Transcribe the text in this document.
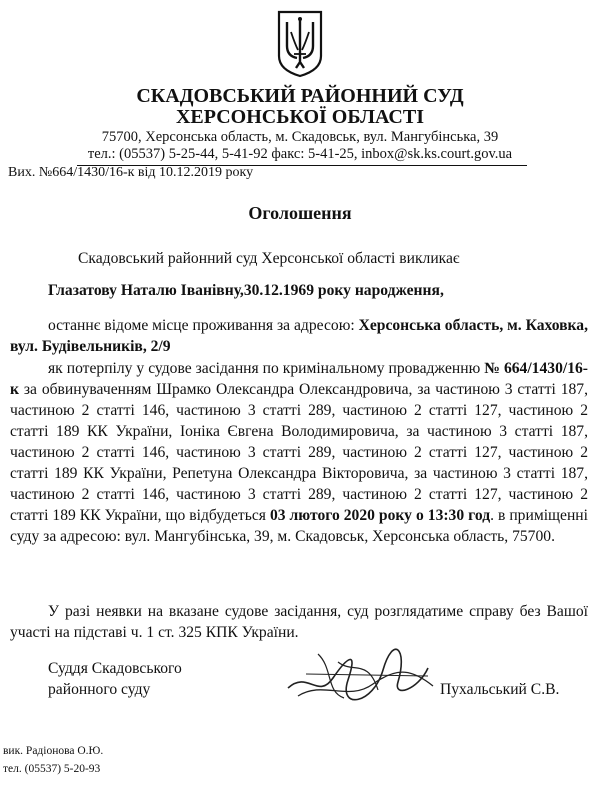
СКАДОВСЬКИЙ РАЙОННИЙ СУД
ХЕРСОНСЬКОЇ ОБЛАСТІ
75700, Херсонська область, м. Скадовськ, вул. Мангубінська, 39
тел.: (05537) 5-25-44, 5-41-92 факс: 5-41-25, inbox@sk.ks.court.gov.ua
Вих. №664/1430/16-к від 10.12.2019 року
Оголошення
Скадовський районний суд Херсонської області викликає
Глазатову Наталю Іванівну,30.12.1969 року народження,
останнє відоме місце проживання за адресою: Херсонська область, м. Каховка, вул. Будівельників, 2/9
як потерпілу у судове засідання по кримінальному провадженню № 664/1430/16-к за обвинуваченням Шрамко Олександра Олександровича, за частиною 3 статті 187, частиною 2 статті 146, частиною 3 статті 289, частиною 2 статті 127, частиною 2 статті 189 КК України, Іоніка Євгена Володимировича, за частиною 3 статті 187, частиною 2 статті 146, частиною 3 статті 289, частиною 2 статті 127, частиною 2 статті 189 КК України, Репетуна Олександра Вікторовича, за частиною 3 статті 187, частиною 2 статті 146, частиною 3 статті 289, частиною 2 статті 127, частиною 2 статті 189 КК України, що відбудеться 03 лютого 2020 року о 13:30 год. в приміщенні суду за адресою: вул. Мангубінська, 39, м. Скадовськ, Херсонська область, 75700.
У разі неявки на вказане судове засідання, суд розглядатиме справу без Вашої участі на підставі ч. 1 ст. 325 КПК України.
Суддя Скадовського
районного суду	Пухальський С.В.
вик. Радіонова О.Ю.
тел. (05537) 5-20-93
